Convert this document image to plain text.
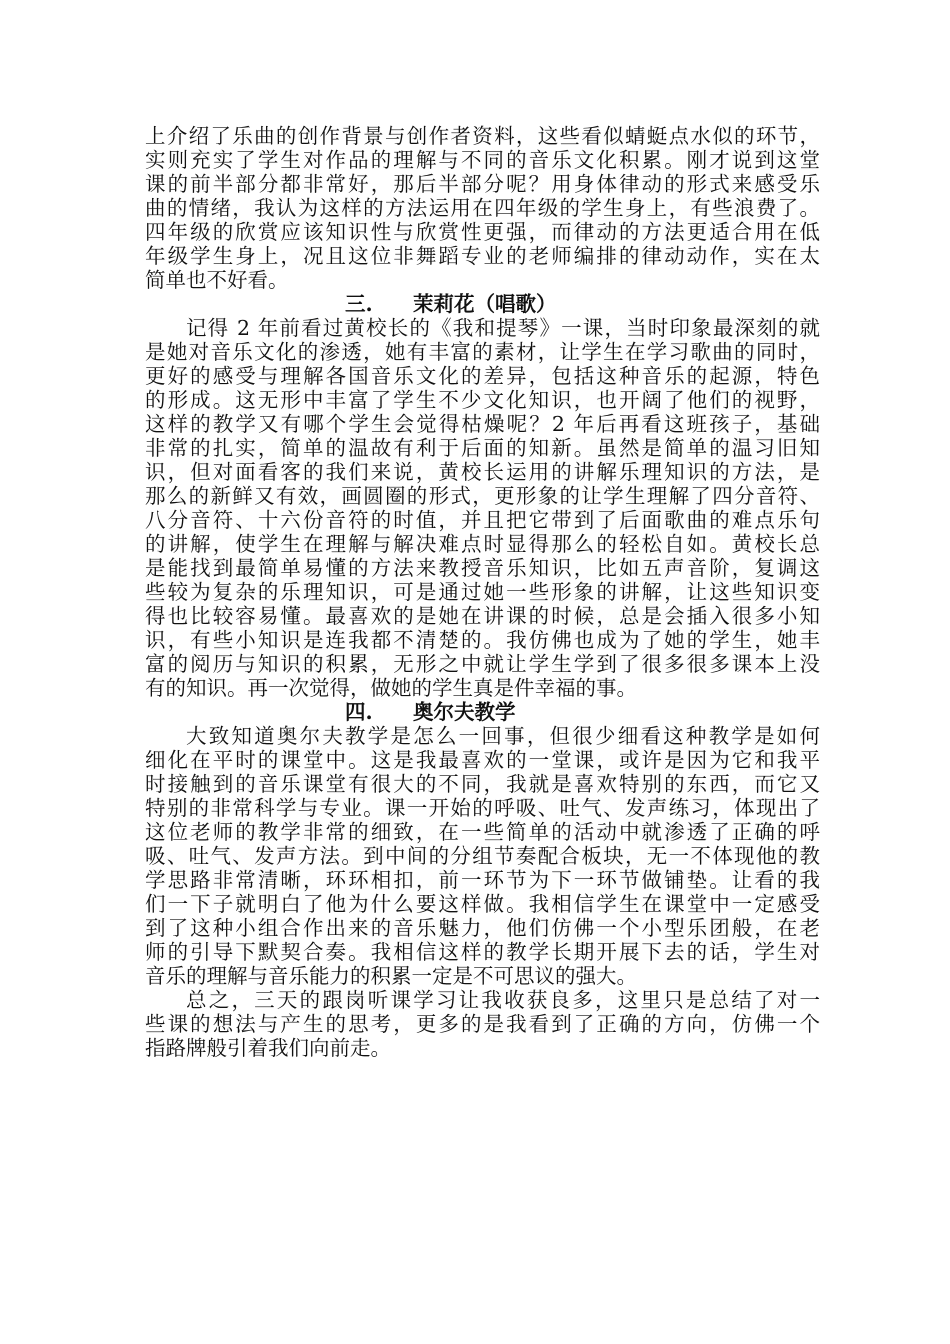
上介绍了乐曲的创作背景与创作者资料，这些看似蜻蜓点水似的环节，
实则充实了学生对作品的理解与不同的音乐文化积累。刚才说到这堂
课的前半部分都非常好，那后半部分呢？用身体律动的形式来感受乐
曲的情绪，我认为这样的方法运用在四年级的学生身上，有些浪费了。
四年级的欣赏应该知识性与欣赏性更强，而律动的方法更适合用在低
年级学生身上，况且这位非舞蹈专业的老师编排的律动动作，实在太
简单也不好看。
三. 茉莉花（唱歌）
记得 2 年前看过黄校长的《我和提琴》一课，当时印象最深刻的就
是她对音乐文化的渗透，她有丰富的素材，让学生在学习歌曲的同时，
更好的感受与理解各国音乐文化的差异，包括这种音乐的起源，特色
的形成。这无形中丰富了学生不少文化知识，也开阔了他们的视野，
这样的教学又有哪个学生会觉得枯燥呢？2 年后再看这班孩子，基础
非常的扎实，简单的温故有利于后面的知新。虽然是简单的温习旧知
识，但对面看客的我们来说，黄校长运用的讲解乐理知识的方法，是
那么的新鲜又有效，画圆圈的形式，更形象的让学生理解了四分音符、
八分音符、十六份音符的时值，并且把它带到了后面歌曲的难点乐句
的讲解，使学生在理解与解决难点时显得那么的轻松自如。黄校长总
是能找到最简单易懂的方法来教授音乐知识，比如五声音阶，复调这
些较为复杂的乐理知识，可是通过她一些形象的讲解，让这些知识变
得也比较容易懂。最喜欢的是她在讲课的时候，总是会插入很多小知
识，有些小知识是连我都不清楚的。我仿佛也成为了她的学生，她丰
富的阅历与知识的积累，无形之中就让学生学到了很多很多课本上没
有的知识。再一次觉得，做她的学生真是件幸福的事。
四. 奥尔夫教学
大致知道奥尔夫教学是怎么一回事，但很少细看这种教学是如何
细化在平时的课堂中。这是我最喜欢的一堂课，或许是因为它和我平
时接触到的音乐课堂有很大的不同，我就是喜欢特别的东西，而它又
特别的非常科学与专业。课一开始的呼吸、吐气、发声练习，体现出了
这位老师的教学非常的细致，在一些简单的活动中就渗透了正确的呼
吸、吐气、发声方法。到中间的分组节奏配合板块，无一不体现他的教
学思路非常清晰，环环相扣，前一环节为下一环节做铺垫。让看的我
们一下子就明白了他为什么要这样做。我相信学生在课堂中一定感受
到了这种小组合作出来的音乐魅力，他们仿佛一个小型乐团般，在老
师的引导下默契合奏。我相信这样的教学长期开展下去的话，学生对
音乐的理解与音乐能力的积累一定是不可思议的强大。
总之，三天的跟岗听课学习让我收获良多，这里只是总结了对一
些课的想法与产生的思考，更多的是我看到了正确的方向，仿佛一个
指路牌般引着我们向前走。
